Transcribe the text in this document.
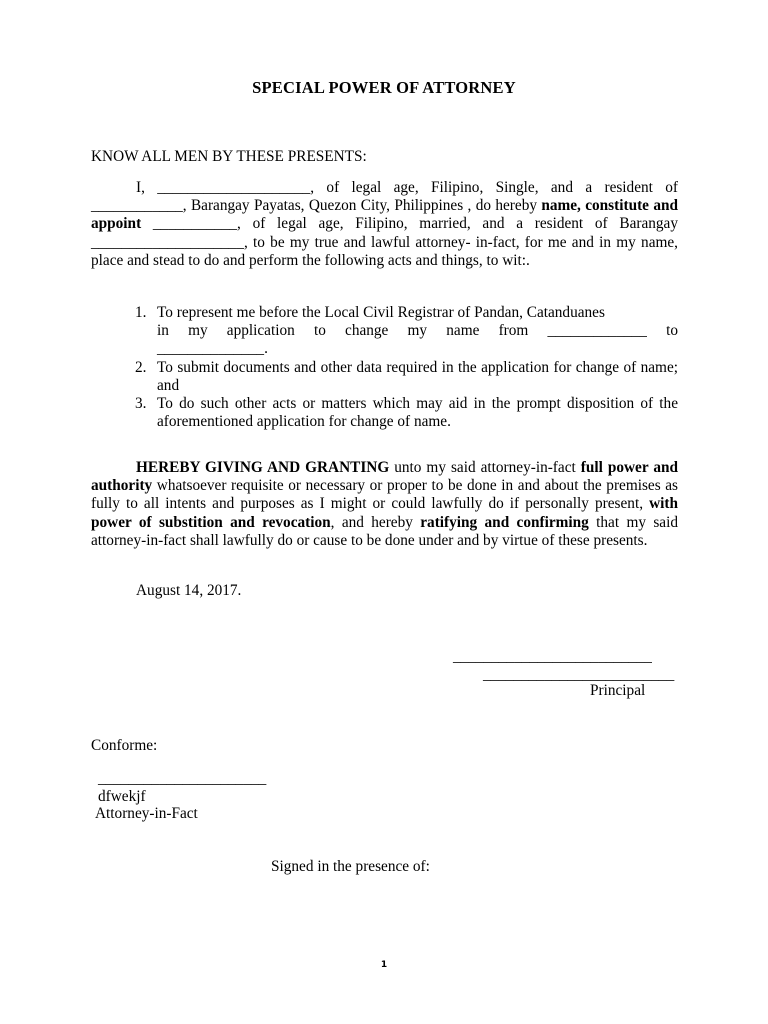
SPECIAL POWER OF ATTORNEY
KNOW ALL MEN BY THESE PRESENTS:
I, ____________________, of legal age, Filipino, Single, and a resident of ____________, Barangay Payatas, Quezon City, Philippines , do hereby name, constitute and appoint ___________, of legal age, Filipino, married, and a resident of Barangay ____________________, to be my true and lawful attorney- in-fact, for me and in my name, place and stead to do and perform the following acts and things, to wit:.
1. To represent me before the Local Civil Registrar of Pandan, Catanduanes
in my application to change my name from _____________ to
______________.
2. To submit documents and other data required in the application for change of name; and
3. To do such other acts or matters which may aid in the prompt disposition of the aforementioned application for change of name.
HEREBY GIVING AND GRANTING unto my said attorney-in-fact full power and authority whatsoever requisite or necessary or proper to be done in and about the premises as fully to all intents and purposes as I might or could lawfully do if personally present, with power of substition and revocation, and hereby ratifying and confirming that my said attorney-in-fact shall lawfully do or cause to be done under and by virtue of these presents.
August 14, 2017.
__________________________
_________________________
Principal
Conforme:
______________________
dfwekjf
Attorney-in-Fact
Signed in the presence of:
1
